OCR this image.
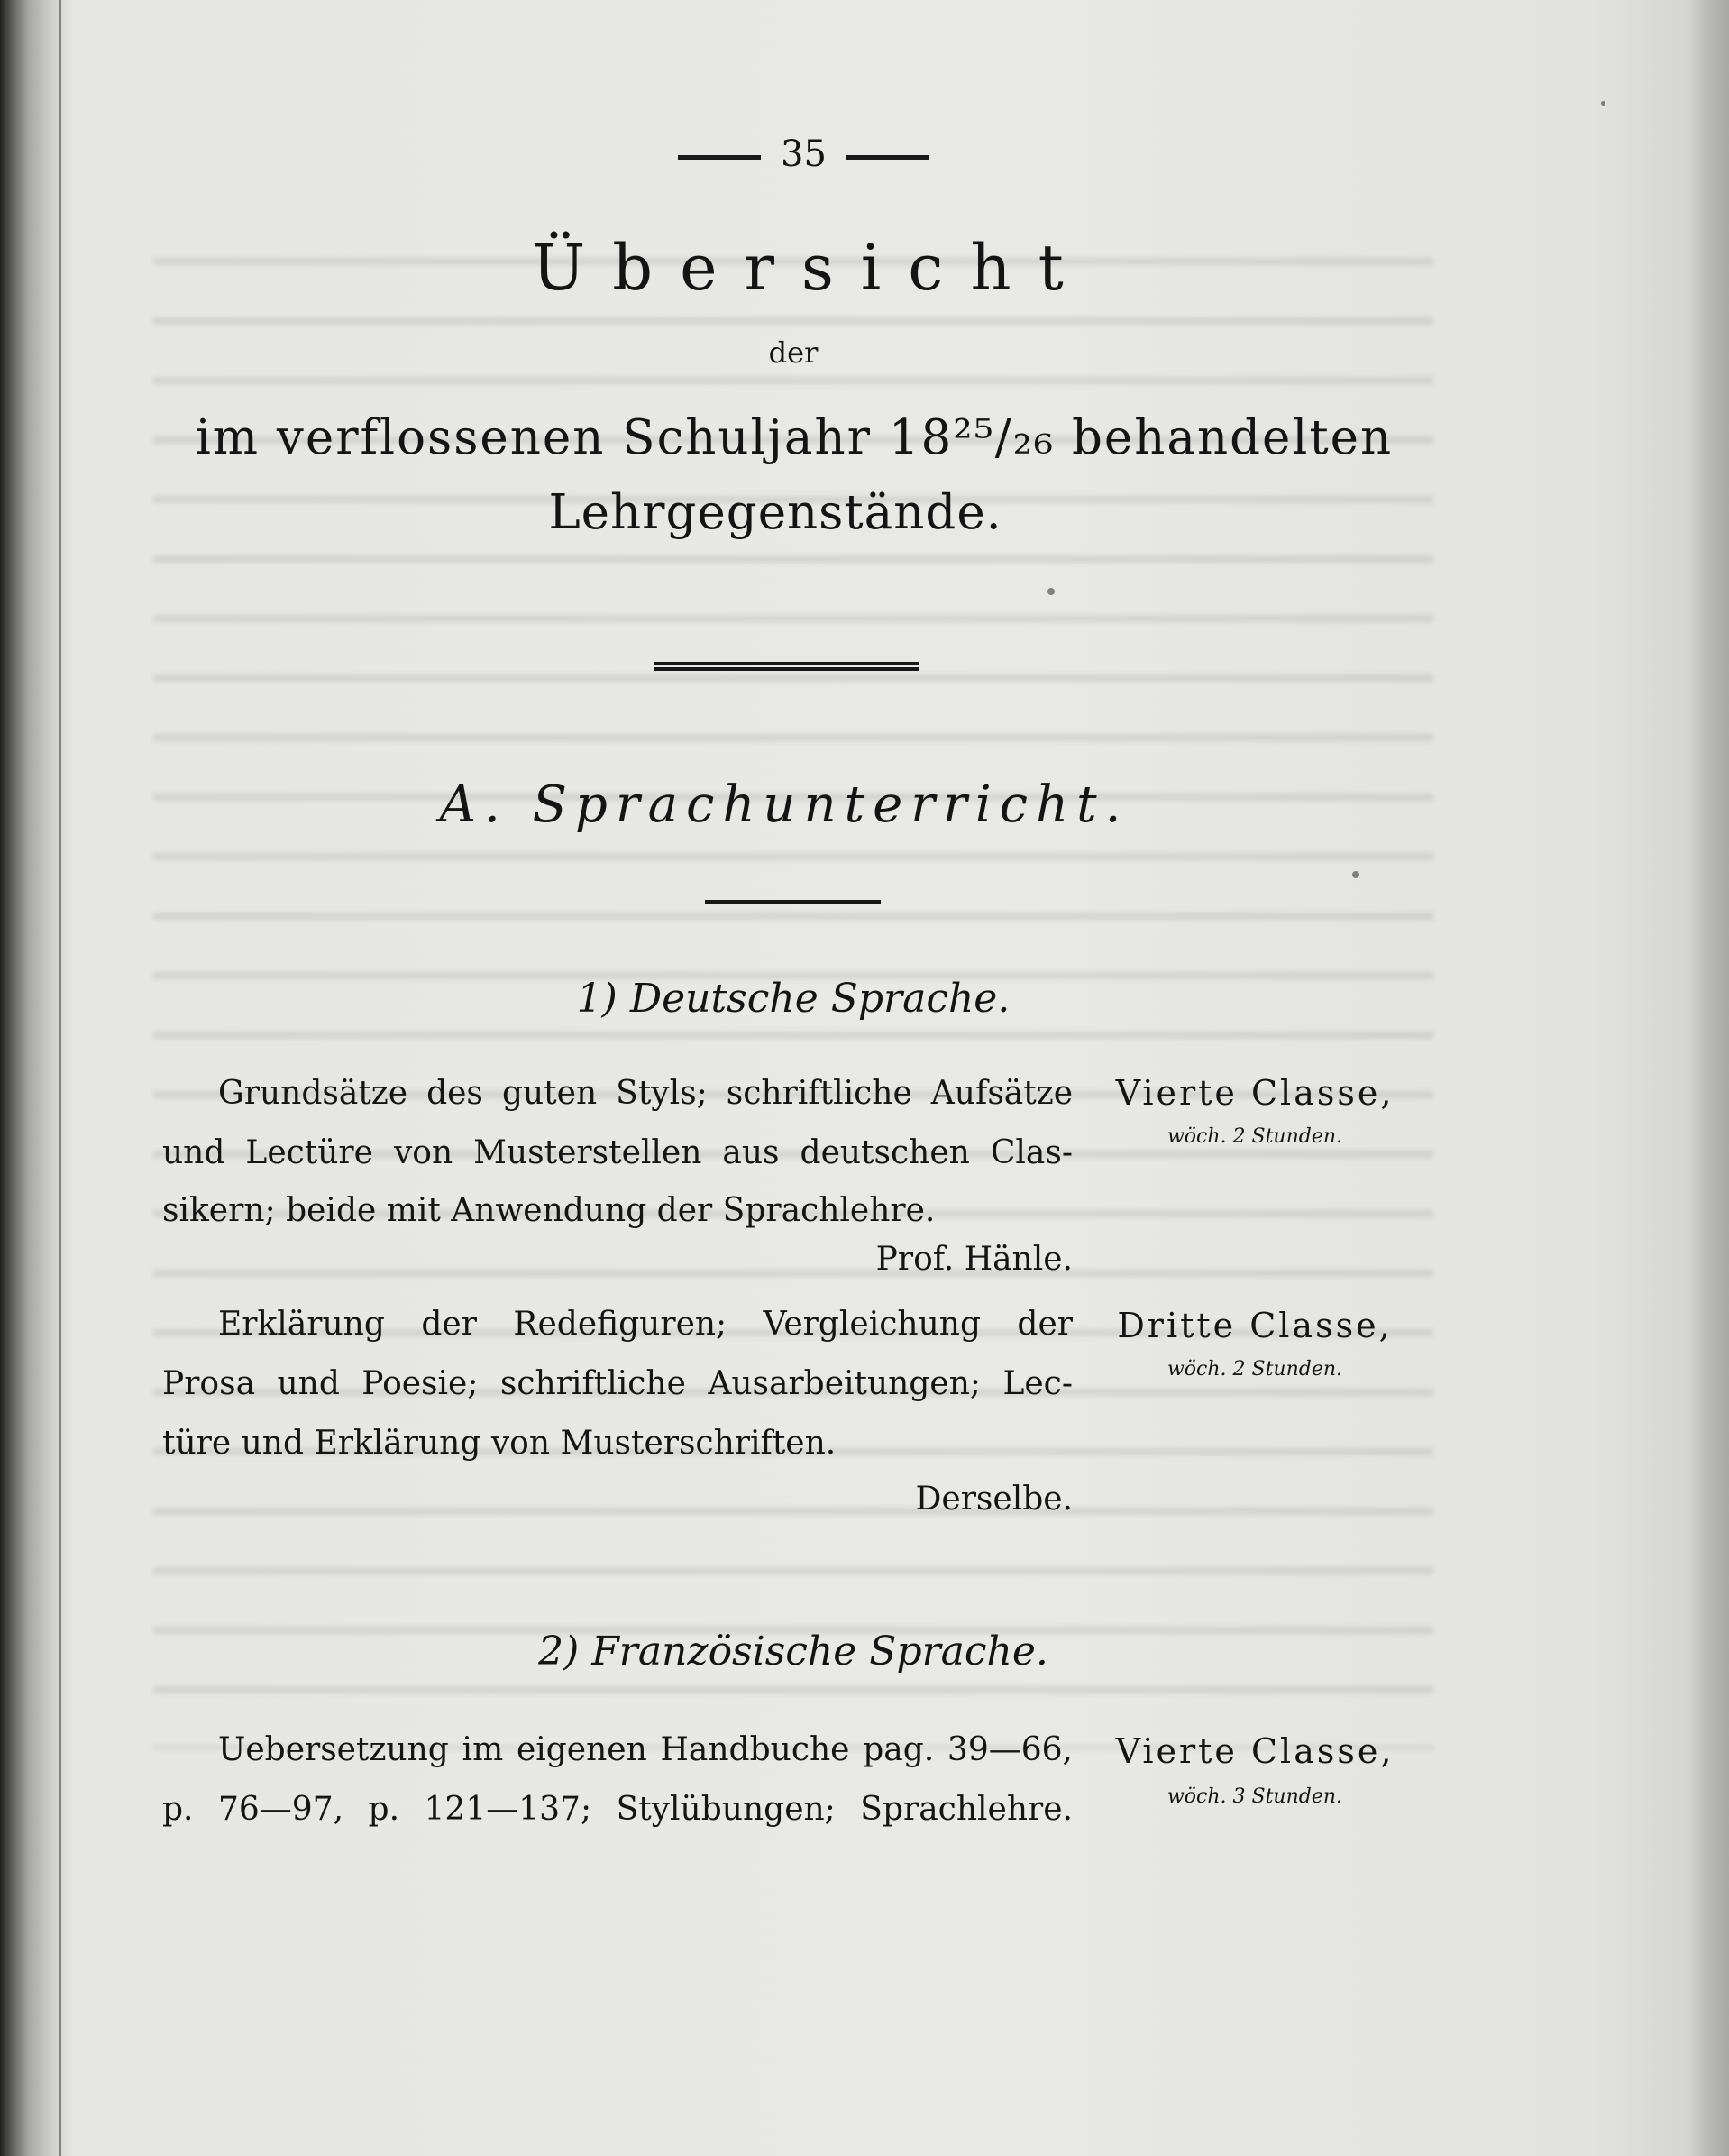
35
Übersicht
der
im verflossenen Schuljahr 18²⁵/₂₆ behandelten
Lehrgegenstände.
A. Sprachunterricht.
1) Deutsche Sprache.
Grundsätze des guten Styls; schriftliche Aufsätze
und Lectüre von Musterstellen aus deutschen Clas-
sikern; beide mit Anwendung der Sprachlehre.
Prof. Hänle.
Vierte Classe,
wöch. 2 Stunden.
Erklärung der Redefiguren; Vergleichung der
Prosa und Poesie; schriftliche Ausarbeitungen; Lec-
türe und Erklärung von Musterschriften.
Derselbe.
Dritte Classe,
wöch. 2 Stunden.
2) Französische Sprache.
Uebersetzung im eigenen Handbuche pag. 39—66,
p. 76—97, p. 121—137; Stylübungen; Sprachlehre.
Vierte Classe,
wöch. 3 Stunden.
